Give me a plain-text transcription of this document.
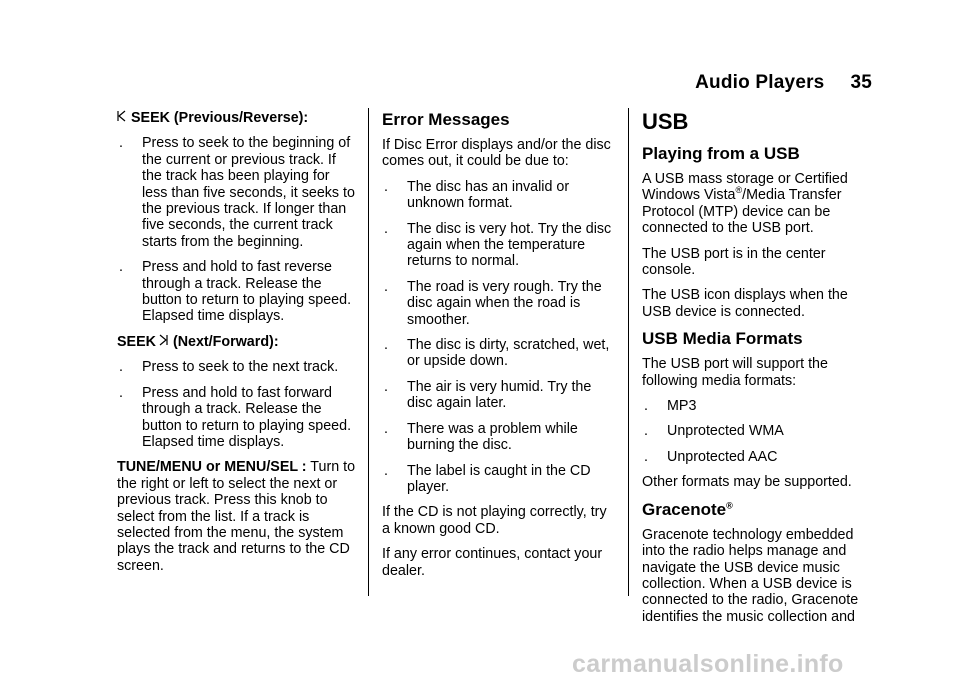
Audio Players 35

SEEK (Previous/Reverse):

.	Press to seek to the beginning of the current or previous track. If the track has been playing for less than five seconds, it seeks to the previous track. If longer than five seconds, the current track starts from the beginning.
.	Press and hold to fast reverse through a track. Release the button to return to playing speed. Elapsed time displays.

SEEK (Next/Forward):

.	Press to seek to the next track.
.	Press and hold to fast forward through a track. Release the button to return to playing speed. Elapsed time displays.

TUNE/MENU or MENU/SEL : Turn to the right or left to select the next or previous track. Press this knob to select from the list. If a track is selected from the menu, the system plays the track and returns to the CD screen.

Error Messages

If Disc Error displays and/or the disc comes out, it could be due to:

.	The disc has an invalid or unknown format.
.	The disc is very hot. Try the disc again when the temperature returns to normal.
.	The road is very rough. Try the disc again when the road is smoother.
.	The disc is dirty, scratched, wet, or upside down.
.	The air is very humid. Try the disc again later.
.	There was a problem while burning the disc.
.	The label is caught in the CD player.

If the CD is not playing correctly, try a known good CD.

If any error continues, contact your dealer.

USB
Playing from a USB

A USB mass storage or Certified Windows Vista®/Media Transfer Protocol (MTP) device can be connected to the USB port.

The USB port is in the center console.

The USB icon displays when the USB device is connected.

USB Media Formats

The USB port will support the following media formats:

.	MP3
.	Unprotected WMA
.	Unprotected AAC

Other formats may be supported.

Gracenote®

Gracenote technology embedded into the radio helps manage and navigate the USB device music collection. When a USB device is connected to the radio, Gracenote identifies the music collection and

carmanualsonline.info
